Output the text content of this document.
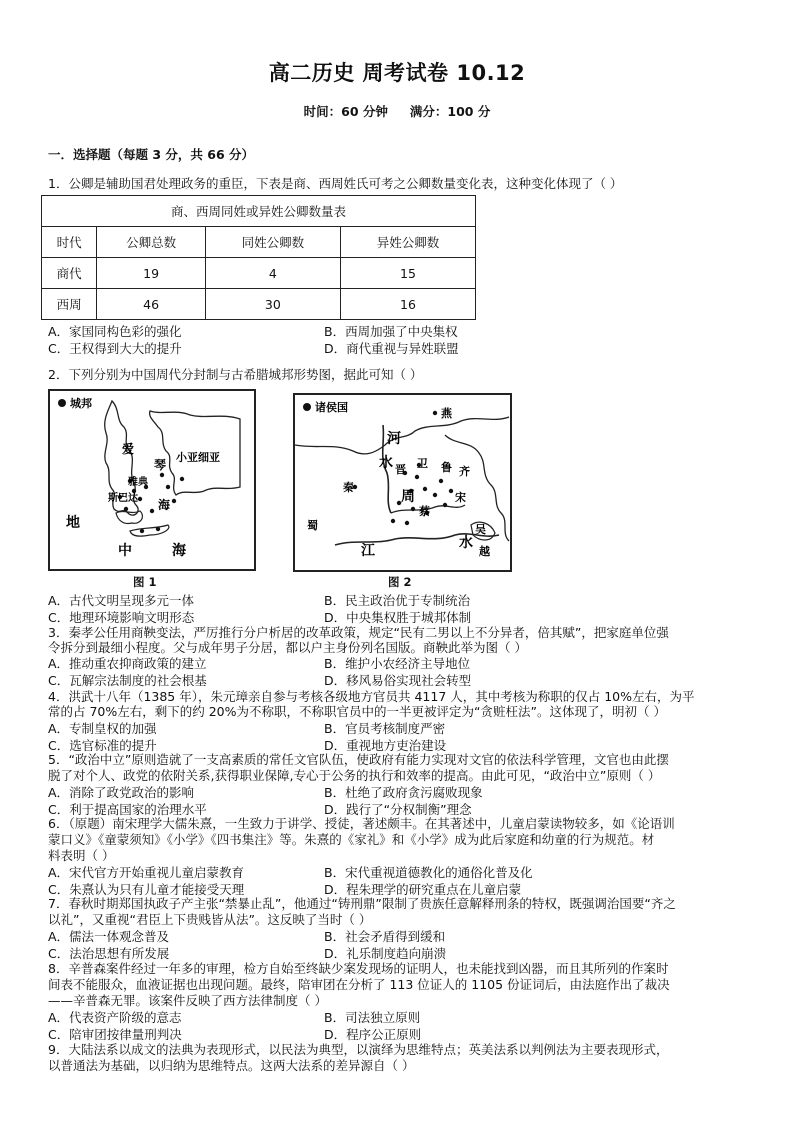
高二历史 周考试卷 10.12
时间：60 分钟 满分：100 分
一．选择题（每题 3 分，共 66 分）
1．公卿是辅助国君处理政务的重臣，下表是商、西周姓氏可考之公卿数量变化表，这种变化体现了（ ）
商、西周同姓或异姓公卿数量表			
时代	公卿总数	同姓公卿数	异姓公卿数
商代	19	4	15
西周	46	30	16
A．家国同构色彩的强化	B．西周加强了中央集权
C．王权得到大大的提升	D．商代重视与异姓联盟
2．下列分别为中国周代分封制与古希腊城邦形势图，据此可知（ ）
城邦
爱
琴
小亚细亚
雅典
斯巴达 海
地
中	海
图 1
诸侯国	燕
河
水 晋 卫 鲁 齐
秦
宋
周
蔡
蜀
江	水
吴
越
图 2
A．古代文明呈现多元一体	B．民主政治优于专制统治
C．地理环境影响文明形态	D．中央集权胜于城邦体制
3．秦孝公任用商鞅变法，严厉推行分户析居的改革政策，规定“民有二男以上不分异者，倍其赋”，把家庭单位强
令拆分到最细小程度。父与成年男子分居，都以户主身份列名国版。商鞅此举为图（ ）
A．推动重农抑商政策的建立	B．维护小农经济主导地位
C．瓦解宗法制度的社会根基	D．移风易俗实现社会转型
4．洪武十八年（1385 年），朱元璋亲自参与考核各级地方官员共 4117 人，其中考核为称职的仅占 10%左右，为平
常的占 70%左右，剩下的约 20%为不称职，不称职官员中的一半更被评定为“贪赃枉法”。这体现了，明初（ ）
A．专制皇权的加强	B．官员考核制度严密
C．选官标准的提升	D．重视地方吏治建设
5．“政治中立”原则造就了一支高素质的常任文官队伍，使政府有能力实现对文官的依法科学管理，文官也由此摆
脱了对个人、政党的依附关系,获得职业保障,专心于公务的执行和效率的提高。由此可见，“政治中立”原则（ ）
A．消除了政党政治的影响	B．杜绝了政府贪污腐败现象
C．利于提高国家的治理水平	D．践行了“分权制衡”理念
6．（原题）南宋理学大儒朱熹，一生致力于讲学、授徒，著述颇丰。在其著述中，儿童启蒙读物较多，如《论语训
蒙口义》《童蒙须知》《小学》《四书集注》等。朱熹的《家礼》和《小学》成为此后家庭和幼童的行为规范。材
料表明（ ）
A．宋代官方开始重视儿童启蒙教育	B．宋代重视道德教化的通俗化普及化
C．朱熹认为只有儿童才能接受天理	D．程朱理学的研究重点在儿童启蒙
7．春秋时期郑国执政子产主张“禁暴止乱”，他通过“铸刑鼎”限制了贵族任意解释刑条的特权，既强调治国要“齐之
以礼”，又重视“君臣上下贵贱皆从法”。这反映了当时（ ）
A．儒法一体观念普及	B．社会矛盾得到缓和
C．法治思想有所发展	D．礼乐制度趋向崩溃
8．辛普森案件经过一年多的审理，检方自始至终缺少案发现场的证明人，也未能找到凶器，而且其所列的作案时
间表不能服众，血液证据也出现问题。最终，陪审团在分析了 113 位证人的 1105 份证词后，由法庭作出了裁决
——辛普森无罪。该案件反映了西方法律制度（ ）
A．代表资产阶级的意志	B．司法独立原则
C．陪审团按律量刑判决	D．程序公正原则
9．大陆法系以成文的法典为表现形式，以民法为典型，以演绎为思维特点；英美法系以判例法为主要表现形式，
以普通法为基础，以归纳为思维特点。这两大法系的差异源自（ ）
